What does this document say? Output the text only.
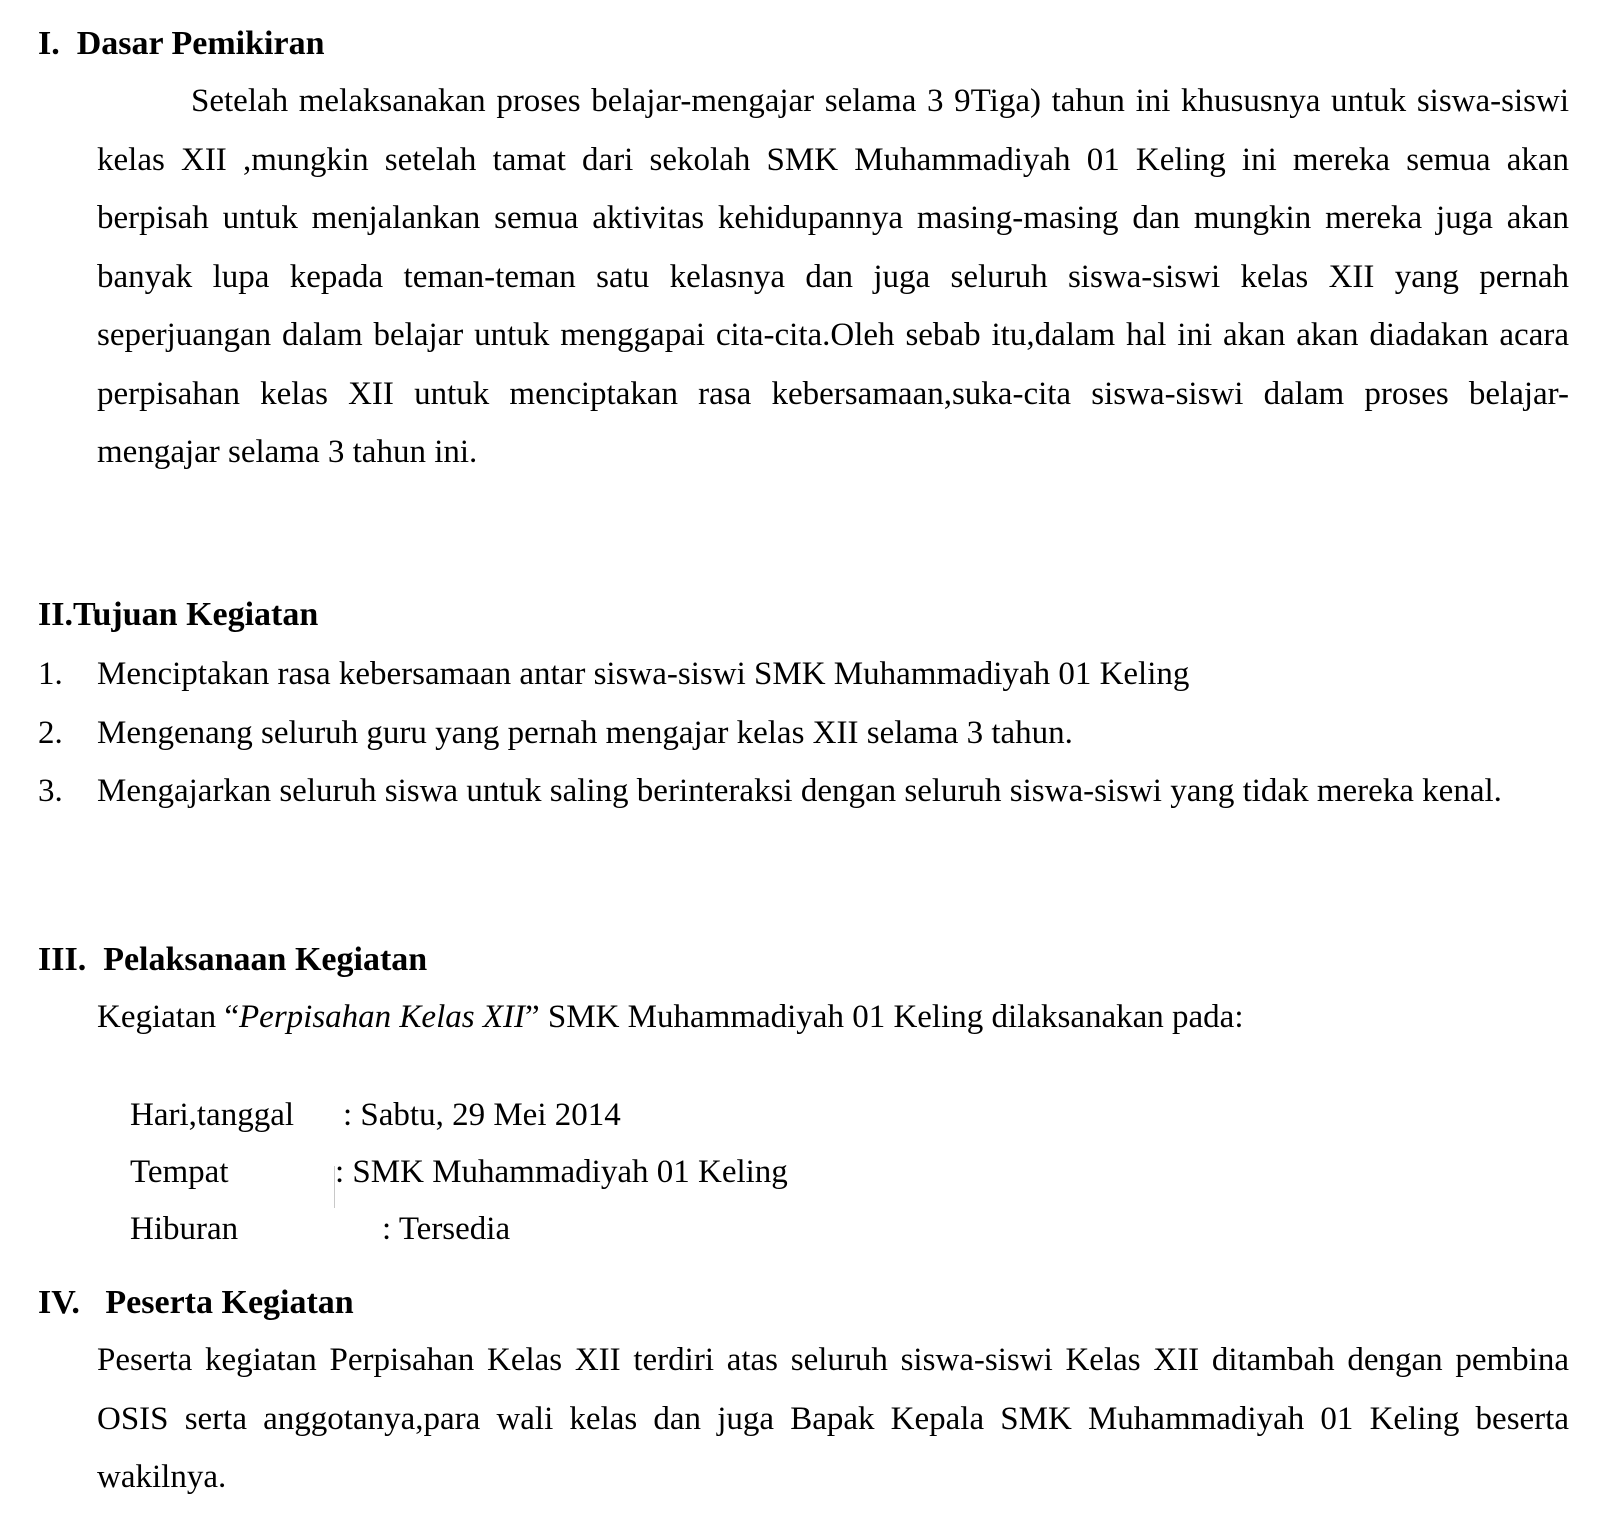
I.  Dasar Pemikiran

Setelah melaksanakan proses belajar-mengajar selama 3 9Tiga) tahun ini khususnya untuk siswa-siswi kelas XII ,mungkin setelah tamat dari sekolah SMK Muhammadiyah 01 Keling ini mereka semua akan berpisah untuk menjalankan semua aktivitas kehidupannya masing-masing dan mungkin mereka juga akan banyak lupa kepada teman-teman satu kelasnya dan juga seluruh siswa-siswi kelas XII yang pernah seperjuangan dalam belajar untuk menggapai cita-cita.Oleh sebab itu,dalam hal ini akan akan diadakan acara perpisahan kelas XII untuk menciptakan rasa kebersamaan,suka-cita siswa-siswi dalam proses belajar-mengajar selama 3 tahun ini.

II.Tujuan Kegiatan
1. Menciptakan rasa kebersamaan antar siswa-siswi SMK Muhammadiyah 01 Keling
2. Mengenang seluruh guru yang pernah mengajar kelas XII selama 3 tahun.
3. Mengajarkan seluruh siswa untuk saling berinteraksi dengan seluruh siswa-siswi yang tidak mereka kenal.
III.  Pelaksanaan Kegiatan
Kegiatan “Perpisahan Kelas XII” SMK Muhammadiyah 01 Keling dilaksanakan pada:

Hari,tanggal : Sabtu, 29 Mei 2014

Tempat	: SMK Muhammadiyah 01 Keling

Hiburan	: Tersedia

IV.   Peserta Kegiatan

Peserta kegiatan Perpisahan Kelas XII terdiri atas seluruh siswa-siswi Kelas XII ditambah dengan pembina OSIS serta anggotanya,para wali kelas dan juga Bapak Kepala SMK Muhammadiyah 01 Keling beserta wakilnya.
